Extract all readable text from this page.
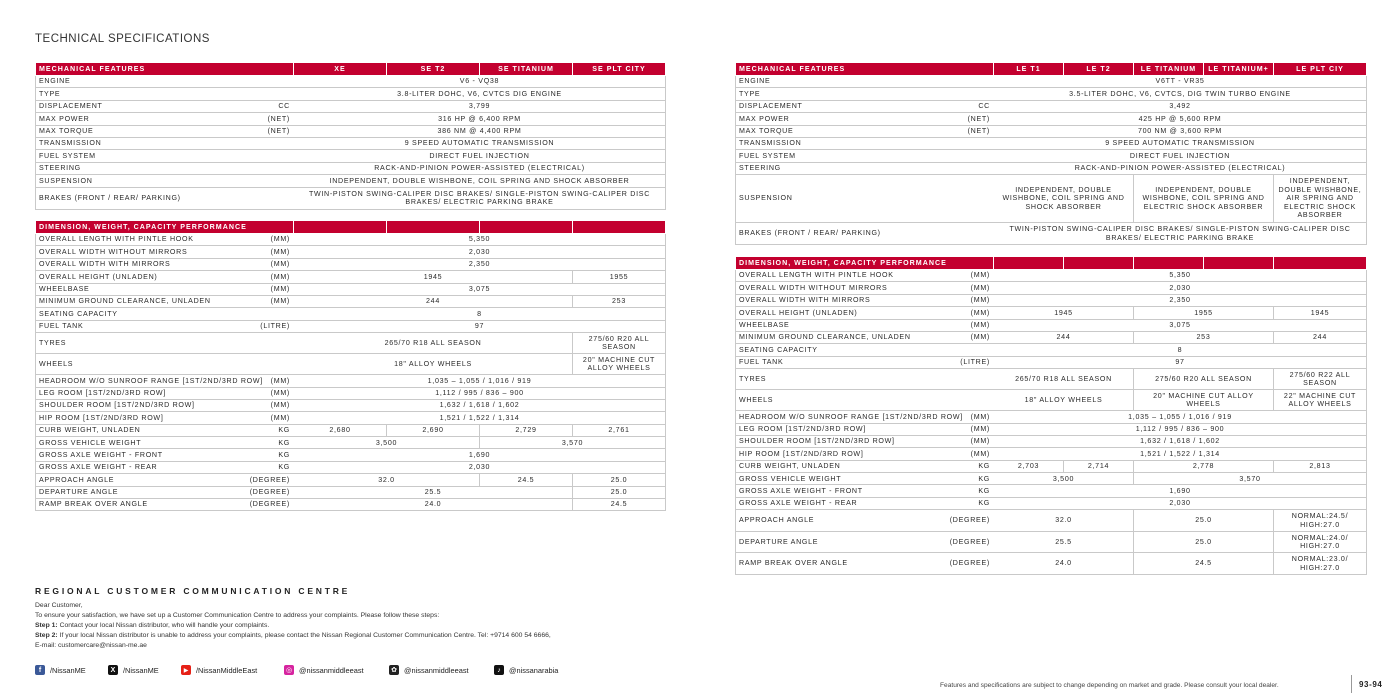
TECHNICAL SPECIFICATIONS
MECHANICAL FEATURES	XE	SE T2	SE TITANIUM	SE PLT CITY
ENGINE	V6 - VQ38			
TYPE	3.8-LITER DOHC, V6, CVTCS DIG ENGINE			
DISPLACEMENT CC	3,799			
MAX POWER (NET)	316 HP @ 6,400 RPM			
MAX TORQUE (NET)	386 NM @ 4,400 RPM			
TRANSMISSION	9 SPEED AUTOMATIC TRANSMISSION			
FUEL SYSTEM	DIRECT FUEL INJECTION			
STEERING	RACK-AND-PINION POWER-ASSISTED (ELECTRICAL)			
SUSPENSION	INDEPENDENT, DOUBLE WISHBONE, COIL SPRING AND SHOCK ABSORBER			
BRAKES (FRONT / REAR/ PARKING)	TWIN-PISTON SWING-CALIPER DISC BRAKES/ SINGLE-PISTON SWING-CALIPER DISC BRAKES/ ELECTRIC PARKING BRAKE			
DIMENSION, WEIGHT, CAPACITY PERFORMANCE				
OVERALL LENGTH WITH PINTLE HOOK (MM)	5,350			
OVERALL WIDTH WITHOUT MIRRORS (MM)	2,030			
OVERALL WIDTH WITH MIRRORS (MM)	2,350			
OVERALL HEIGHT (UNLADEN) (MM)	1945			1955
WHEELBASE (MM)	3,075			
MINIMUM GROUND CLEARANCE, UNLADEN (MM)	244			253
SEATING CAPACITY	8			
FUEL TANK (LITRE)	97			
TYRES	265/70 R18 ALL SEASON			275/60 R20 ALL SEASON
WHEELS	18" ALLOY WHEELS			20" MACHINE CUT ALLOY WHEELS
HEADROOM W/O SUNROOF RANGE [1ST/2ND/3RD ROW] (MM)	1,035 – 1,055 / 1,016 / 919			
LEG ROOM [1ST/2ND/3RD ROW] (MM)	1,112 / 995 / 836 – 900			
SHOULDER ROOM [1ST/2ND/3RD ROW] (MM)	1,632 / 1,618 / 1,602			
HIP ROOM [1ST/2ND/3RD ROW] (MM)	1,521 / 1,522 / 1,314			
CURB WEIGHT, UNLADEN KG	2,680	2,690	2,729	2,761
GROSS VEHICLE WEIGHT KG	3,500		3,570	
GROSS AXLE WEIGHT - FRONT KG	1,690			
GROSS AXLE WEIGHT - REAR KG	2,030			
APPROACH ANGLE (DEGREE)	32.0		24.5	25.0
DEPARTURE ANGLE (DEGREE)	25.5			25.0
RAMP BREAK OVER ANGLE (DEGREE)	24.0			24.5
MECHANICAL FEATURES	LE T1	LE T2	LE TITANIUM	LE TITANIUM+	LE PLT CIY
ENGINE	V6TT - VR35				
TYPE	3.5-LITER DOHC, V6, CVTCS, DIG TWIN TURBO ENGINE				
DISPLACEMENT CC	3,492				
MAX POWER (NET)	425 HP @ 5,600 RPM				
MAX TORQUE (NET)	700 NM @ 3,600 RPM				
TRANSMISSION	9 SPEED AUTOMATIC TRANSMISSION				
FUEL SYSTEM	DIRECT FUEL INJECTION				
STEERING	RACK-AND-PINION POWER-ASSISTED (ELECTRICAL)				
SUSPENSION	INDEPENDENT, DOUBLE WISHBONE, COIL SPRING AND SHOCK ABSORBER		INDEPENDENT, DOUBLE WISHBONE, COIL SPRING AND ELECTRIC SHOCK ABSORBER		INDEPENDENT, DOUBLE WISHBONE, AIR SPRING AND ELECTRIC SHOCK ABSORBER
BRAKES (FRONT / REAR/ PARKING)	TWIN-PISTON SWING-CALIPER DISC BRAKES/ SINGLE-PISTON SWING-CALIPER DISC BRAKES/ ELECTRIC PARKING BRAKE				
DIMENSION, WEIGHT, CAPACITY PERFORMANCE					
OVERALL LENGTH WITH PINTLE HOOK (MM)	5,350				
OVERALL WIDTH WITHOUT MIRRORS (MM)	2,030				
OVERALL WIDTH WITH MIRRORS (MM)	2,350				
OVERALL HEIGHT (UNLADEN) (MM)	1945		1955		1945
WHEELBASE (MM)	3,075				
MINIMUM GROUND CLEARANCE, UNLADEN (MM)	244		253		244
SEATING CAPACITY	8				
FUEL TANK (LITRE)	97				
TYRES	265/70 R18 ALL SEASON		275/60 R20 ALL SEASON		275/60 R22 ALL SEASON
WHEELS	18" ALLOY WHEELS		20" MACHINE CUT ALLOY WHEELS		22" MACHINE CUT ALLOY WHEELS
HEADROOM W/O SUNROOF RANGE [1ST/2ND/3RD ROW] (MM)	1,035 – 1,055 / 1,016 / 919				
LEG ROOM [1ST/2ND/3RD ROW] (MM)	1,112 / 995 / 836 – 900				
SHOULDER ROOM [1ST/2ND/3RD ROW] (MM)	1,632 / 1,618 / 1,602				
HIP ROOM [1ST/2ND/3RD ROW] (MM)	1,521 / 1,522 / 1,314				
CURB WEIGHT, UNLADEN KG	2,703	2,714	2,778		2,813
GROSS VEHICLE WEIGHT KG	3,500		3,570		
GROSS AXLE WEIGHT - FRONT KG	1,690				
GROSS AXLE WEIGHT - REAR KG	2,030				
APPROACH ANGLE (DEGREE)	32.0		25.0		NORMAL:24.5/ HIGH:27.0
DEPARTURE ANGLE (DEGREE)	25.5		25.0		NORMAL:24.0/ HIGH:27.0
RAMP BREAK OVER ANGLE (DEGREE)	24.0		24.5		NORMAL:23.0/ HIGH:27.0
REGIONAL CUSTOMER COMMUNICATION CENTRE
Dear Customer,
To ensure your satisfaction, we have set up a Customer Communication Centre to address your complaints. Please follow these steps:
Step 1: Contact your local Nissan distributor, who will handle your complaints.
Step 2: If your local Nissan distributor is unable to address your complaints, please contact the Nissan Regional Customer Communication Centre. Tel: +9714 600 54 6666,
E-mail: customercare@nissan-me.ae
f	/NissanME	X	/NissanME	▶	/NissanMiddleEast	◎ @nissanmiddleeast	✿ @nissanmiddleeast	♪	@nissanarabia
Features and specifications are subject to change depending on market and grade. Please consult your local dealer.	93-94
